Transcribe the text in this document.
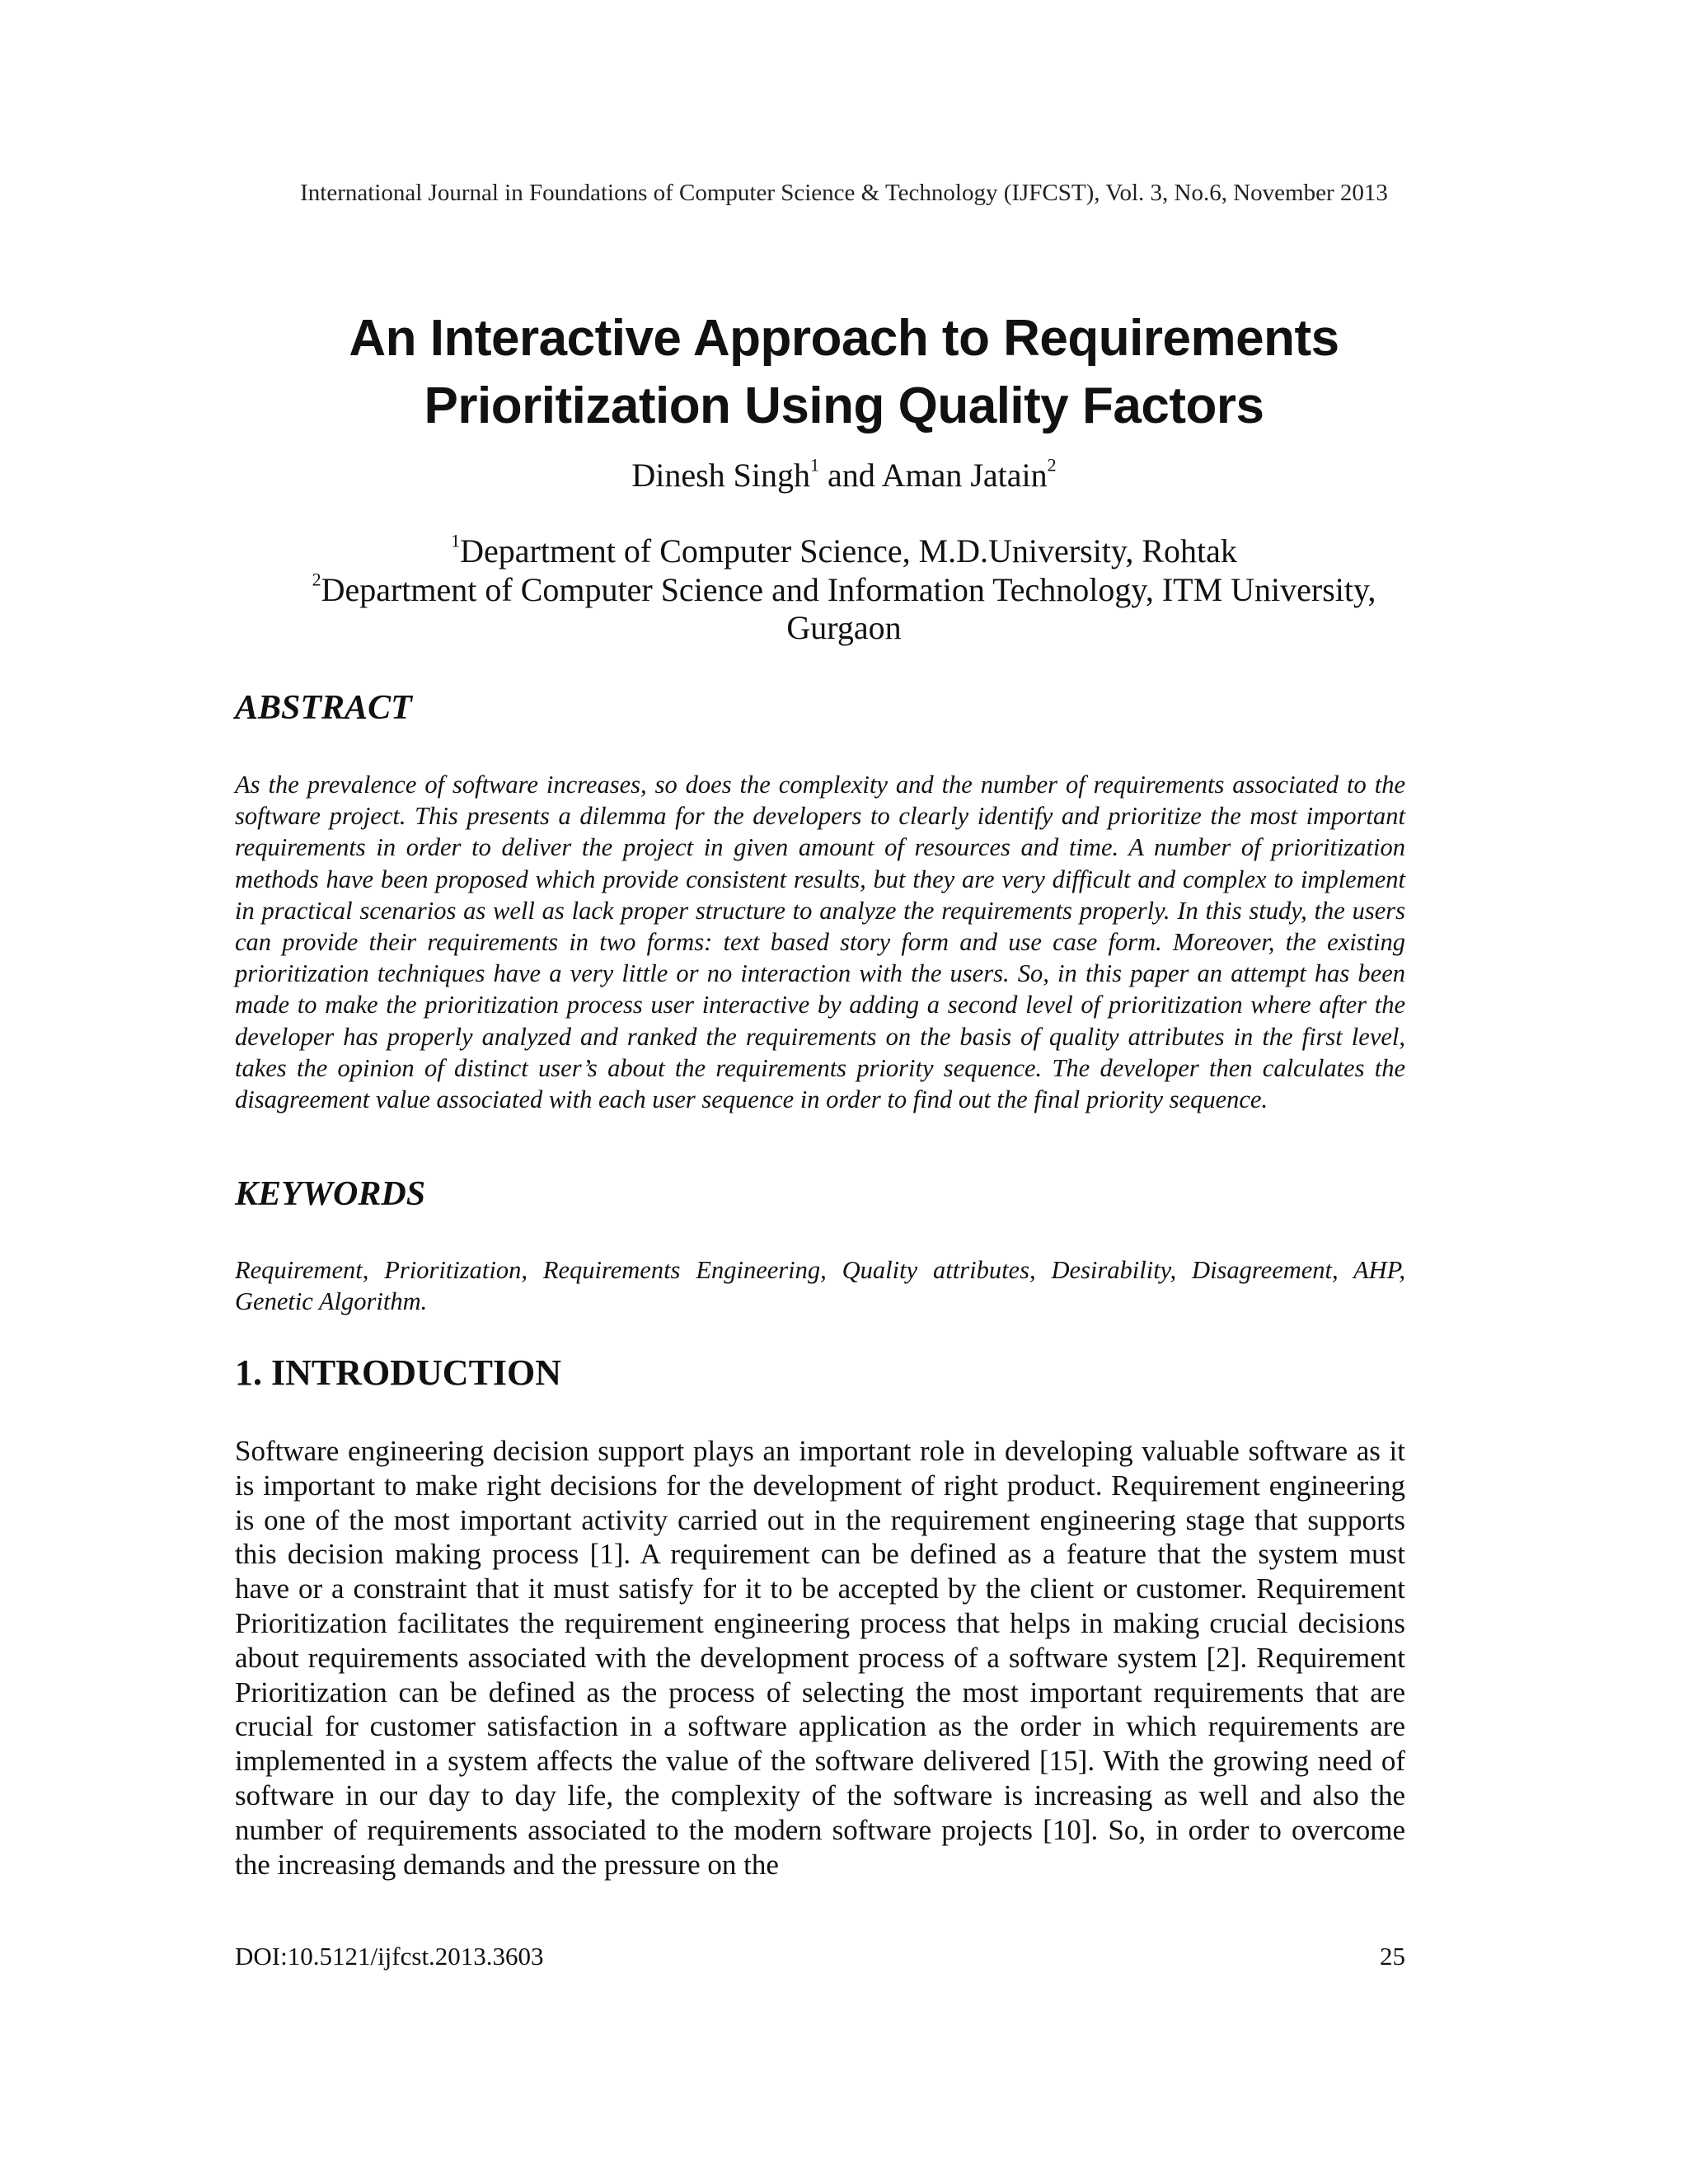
International Journal in Foundations of Computer Science & Technology (IJFCST), Vol. 3, No.6, November 2013
An Interactive Approach to Requirements
Prioritization Using Quality Factors
Dinesh Singh$^1$ and Aman Jatain$^2$
$^1$Department of Computer Science, M.D.University, Rohtak
$^2$Department of Computer Science and Information Technology, ITM University,
Gurgaon
ABSTRACT
As the prevalence of software increases, so does the complexity and the number of requirements associated to the software project. This presents a dilemma for the developers to clearly identify and prioritize the most important requirements in order to deliver the project in given amount of resources and time. A number of prioritization methods have been proposed which provide consistent results, but they are very difficult and complex to implement in practical scenarios as well as lack proper structure to analyze the requirements properly. In this study, the users can provide their requirements in two forms: text based story form and use case form. Moreover, the existing prioritization techniques have a very little or no interaction with the users. So, in this paper an attempt has been made to make the prioritization process user interactive by adding a second level of prioritization where after the developer has properly analyzed and ranked the requirements on the basis of quality attributes in the first level, takes the opinion of distinct user’s about the requirements priority sequence. The developer then calculates the disagreement value associated with each user sequence in order to find out the final priority sequence.
KEYWORDS
Requirement, Prioritization, Requirements Engineering, Quality attributes, Desirability, Disagreement, AHP, Genetic Algorithm.
1. INTRODUCTION
Software engineering decision support plays an important role in developing valuable software as it is important to make right decisions for the development of right product. Requirement engineering is one of the most important activity carried out in the requirement engineering stage that supports this decision making process [1]. A requirement can be defined as a feature that the system must have or a constraint that it must satisfy for it to be accepted by the client or customer. Requirement Prioritization facilitates the requirement engineering process that helps in making crucial decisions about requirements associated with the development process of a software system [2]. Requirement Prioritization can be defined as the process of selecting the most important requirements that are crucial for customer satisfaction in a software application as the order in which requirements are implemented in a system affects the value of the software delivered [15]. With the growing need of software in our day to day life, the complexity of the software is increasing as well and also the number of requirements associated to the modern software projects [10]. So, in order to overcome the increasing demands and the pressure on the
DOI:10.5121/ijfcst.2013.3603	25
